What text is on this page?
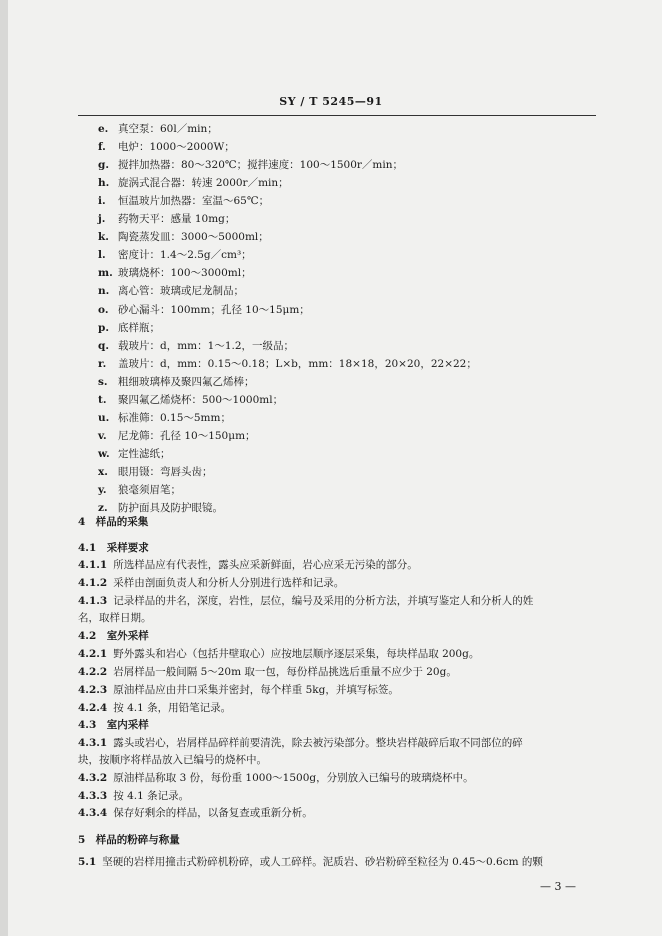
SY / T 5245—91
e. 真空泵：60l／min；
f. 电炉：1000～2000W；
g. 搅拌加热器：80～320℃；搅拌速度：100～1500r／min；
h. 旋涡式混合器：转速 2000r／min；
i. 恒温玻片加热器：室温～65℃；
j. 药物天平：感量 10mg；
k. 陶瓷蒸发皿：3000～5000ml；
l. 密度计：1.4～2.5g／cm³；
m. 玻璃烧杯：100～3000ml；
n. 离心管：玻璃或尼龙制品；
o. 砂心漏斗：100mm；孔径 10～15μm；
p. 底样瓶；
q. 载玻片：d，mm：1～1.2，一级品；
r. 盖玻片：d，mm：0.15～0.18；L×b，mm：18×18，20×20，22×22；
s. 粗细玻璃棒及聚四氟乙烯棒；
t. 聚四氟乙烯烧杯：500～1000ml；
u. 标准筛：0.15～5mm；
v. 尼龙筛：孔径 10～150μm；
w. 定性滤纸；
x. 眼用镊：弯唇头齿；
y. 狼毫须眉笔；
z. 防护面具及防护眼镜。
4　样品的采集
4.1　采样要求
4.1.1 所选样品应有代表性，露头应采新鲜面，岩心应采无污染的部分。
4.1.2 采样由剖面负责人和分析人分别进行选样和记录。
4.1.3 记录样品的井名，深度，岩性，层位，编号及采用的分析方法，并填写鉴定人和分析人的姓
名，取样日期。
4.2　室外采样
4.2.1 野外露头和岩心（包括井壁取心）应按地层顺序逐层采集，每块样品取 200g。
4.2.2 岩屑样品一般间隔 5～20m 取一包，每份样品挑选后重量不应少于 20g。
4.2.3 原油样品应由井口采集并密封，每个样重 5kg，并填写标签。
4.2.4 按 4.1 条，用铅笔记录。
4.3　室内采样
4.3.1 露头或岩心，岩屑样品碎样前要清洗，除去被污染部分。整块岩样敲碎后取不同部位的碎
块，按顺序将样品放入已编号的烧杯中。
4.3.2 原油样品称取 3 份，每份重 1000～1500g，分别放入已编号的玻璃烧杯中。
4.3.3 按 4.1 条记录。
4.3.4 保存好剩余的样品，以备复查或重新分析。
5　样品的粉碎与称量
5.1 坚硬的岩样用撞击式粉碎机粉碎，或人工碎样。泥质岩、砂岩粉碎至粒径为 0.45～0.6cm 的颗
— 3 —
